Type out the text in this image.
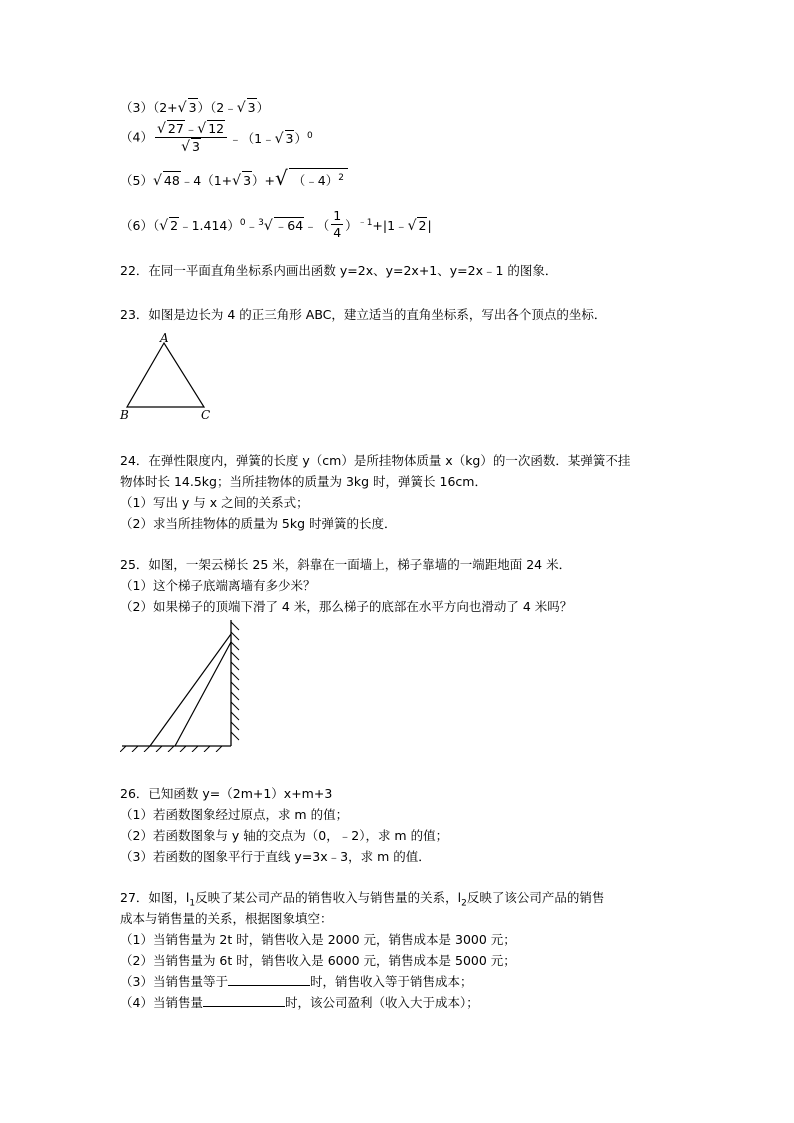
（3）（2+√ 3）（2﹣√ 3）
$(4) \frac{√ 27﹣√ 12}{√ 3}$ ﹣（1﹣√ 3）$^0$
（5）√ 48﹣4（1+√ 3）+√ （﹣4）$^2$
（6）（√ 2﹣1.414）$^0$﹣$^3$√ ﹣64﹣（ $\frac{1}{4}$ ）$^{﹣1}$+|1﹣√ 2|
22．在同一平面直角坐标系内画出函数 y=2x、y=2x+1、y=2x﹣1 的图象．
23．如图是边长为 4 的正三角形 ABC，建立适当的直角坐标系，写出各个顶点的坐标．
A
B	C
24．在弹性限度内，弹簧的长度 y（cm）是所挂物体质量 x（kg）的一次函数．某弹簧不挂
物体时长 14.5kg；当所挂物体的质量为 3kg 时，弹簧长 16cm．
（1）写出 y 与 x 之间的关系式；
（2）求当所挂物体的质量为 5kg 时弹簧的长度．
25．如图，一架云梯长 25 米，斜靠在一面墙上，梯子靠墙的一端距地面 24 米．
（1）这个梯子底端离墙有多少米？
（2）如果梯子的顶端下滑了 4 米，那么梯子的底部在水平方向也滑动了 4 米吗？
26．已知函数 y=（2m+1）x+m+3
（1）若函数图象经过原点，求 m 的值；
（2）若函数图象与 y 轴的交点为（0，﹣2），求 m 的值；
（3）若函数的图象平行于直线 y=3x﹣3，求 m 的值．
27．如图，$l_1$反映了某公司产品的销售收入与销售量的关系，$l_2$反映了该公司产品的销售
成本与销售量的关系，根据图象填空：
（1）当销售量为 2t 时，销售收入是 2000 元，销售成本是 3000 元；
（2）当销售量为 6t 时，销售收入是 6000 元，销售成本是 5000 元；
（3）当销售量等于	时，销售收入等于销售成本；
（4）当销售量	时，该公司盈利（收入大于成本）；
